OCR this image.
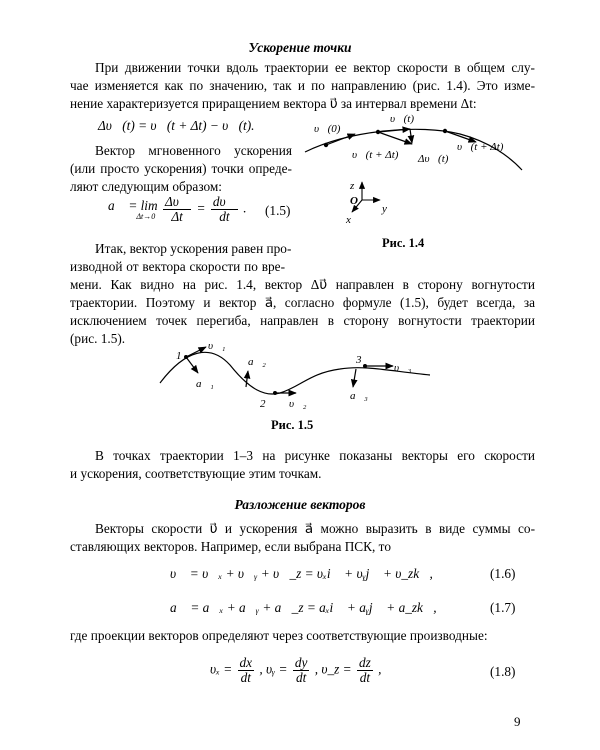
Ускорение точки
При движении точки вдоль траектории ее вектор скорости в общем слу-
чае изменяется как по значению, так и по направлению (рис. 1.4). Это изме-
нение характеризуется приращением вектора υ⃗ за интервал времени Δt:
Δυ⃗(t) = υ⃗(t + Δt) − υ⃗(t).
Вектор мгновенного ускорения
(или просто ускорения) точки опреде-
ляют следующим образом:
a⃗ = lim
Δt→0
$\frac{\Delta\upsilon⃗}{\Delta t} = \frac{d\upsilon⃗}{dt}$ . (1.5)
υ⃗(0)
υ⃗(t)
υ⃗(t + Δt) Δυ⃗(t)
υ⃗(t + Δt)
z
O
y
x
Рис. 1.4
Итак, вектор ускорения равен про-
изводной от вектора скорости по вре-
мени. Как видно на рис. 1.4, вектор Δυ⃗ направлен в сторону вогнутости
траектории. Поэтому и вектор a⃗, согласно формуле (1.5), будет всегда, за
исключением точек перегиба, направлен в сторону вогнутости траектории
(рис. 1.5).
1
2
3
υ⃗₁
a⃗₁
υ⃗₂
a⃗₂	υ⃗₃
a⃗₃
Рис. 1.5
В точках траектории 1–3 на рисунке показаны векторы его скорости
и ускорения, соответствующие этим точкам.
Разложение векторов
Векторы скорости υ⃗ и ускорения a⃗ можно выразить в виде суммы со-
ставляющих векторов. Например, если выбрана ПСК, то
υ⃗ = υ⃗ₓ + υ⃗ᵧ + υ⃗_z = υₓi⃗ + υᵧj⃗ + υ_zk⃗,	(1.6)
a⃗ = a⃗ₓ + a⃗ᵧ + a⃗_z = aₓi⃗ + aᵧj⃗ + a_zk⃗,	(1.7)
где проекции векторов определяют через соответствующие производные:
$\upsilon_x = \frac{dx}{dt}$ , υᵧ = $\frac{dy}{dt}$ , υ_z = $\frac{dz}{dt}$ ,	(1.8)
9
